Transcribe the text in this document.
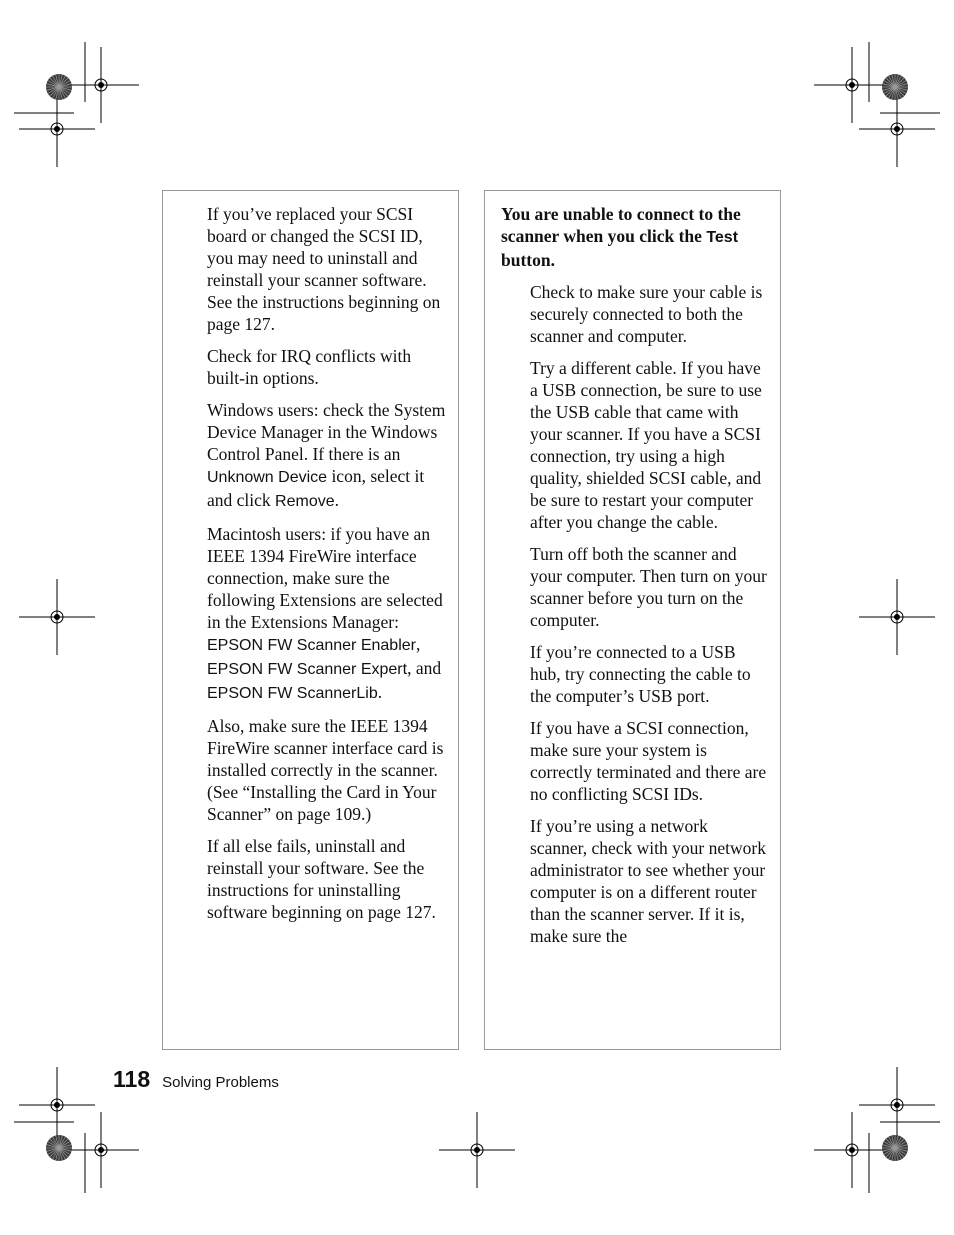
If you’ve replaced your SCSI board or changed the SCSI ID, you may need to uninstall and reinstall your scanner software. See the instructions beginning on page 127.

Check for IRQ conflicts with built-in options.

Windows users: check the System Device Manager in the Windows Control Panel. If there is an Unknown Device icon, select it and click Remove.

Macintosh users: if you have an IEEE 1394 FireWire interface connection, make sure the following Extensions are selected in the Extensions Manager: EPSON FW Scanner Enabler, EPSON FW Scanner Expert, and EPSON FW ScannerLib.

Also, make sure the IEEE 1394 FireWire scanner interface card is installed correctly in the scanner. (See “Installing the Card in Your Scanner” on page 109.)

If all else fails, uninstall and reinstall your software. See the instructions for uninstalling software beginning on page 127.

You are unable to connect to the scanner when you click the Test button.

Check to make sure your cable is securely connected to both the scanner and computer.

Try a different cable. If you have a USB connection, be sure to use the USB cable that came with your scanner. If you have a SCSI connection, try using a high quality, shielded SCSI cable, and be sure to restart your computer after you change the cable.

Turn off both the scanner and your computer. Then turn on your scanner before you turn on the computer.

If you’re connected to a USB hub, try connecting the cable to the computer’s USB port.

If you have a SCSI connection, make sure your system is correctly terminated and there are no conflicting SCSI IDs.

If you’re using a network scanner, check with your network administrator to see whether your computer is on a different router than the scanner server. If it is, make sure the

118 Solving Problems
